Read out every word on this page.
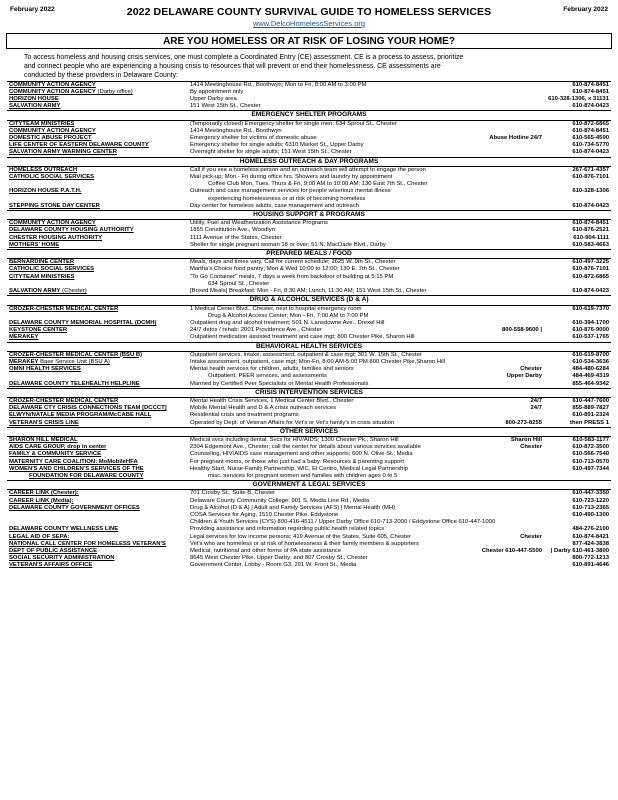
February 2022	2022 DELAWARE COUNTY SURVIVAL GUIDE TO HOMELESS SERVICES
www.DelcoHomelessServices.org
February 2022
ARE YOU HOMELESS OR AT RISK OF LOSING YOUR HOME?
To access homeless and housing crisis services, one must complete a Coordinated Entry (CE) assessment. CE is a process to assess, prioritize
and connect people who are experiencing a housing crisis to resources that will prevent or end their homelessness. CE assessments are
conducted by these providers in Delaware County:
COMMUNITY ACTION AGENCY	1414 Meetinghouse Rd., Boothwyn; Mon to Fri, 8:00 AM to 3:00 PM	610-874-8451
COMMUNITY ACTION AGENCY (Darby office)	By appointment only	610-874-8451
HORIZON HOUSE	Upper Darby area	610-328-1306, x 31131
SALVATION ARMY	151 West 15th St., Chester	610-874-0423
EMERGENCY SHELTER PROGRAMS		
CITYTEAM MINISTRIES	(Temporarily closed) Emergency shelter for single men; 634 Sproul St., Chester	610-872-6865
COMMUNITY ACTION AGENCY	1414 Meetinghouse Rd., Boothwyn	610-874-8451
DOMESTIC ABUSE PROJECT	Emergency shelter for victims of domestic abuse Abuse Hotline 24/7	610-565-4590
LIFE CENTER OF EASTERN DELAWARE COUNTY	Emergency shelter for single adults; 6310 Market St., Upper Darby	610-734-5770
SALVATION ARMY WARMING CENTER	Overnight shelter for single adults; 151 West 15th St., Chester	610-874-0423
HOMELESS OUTREACH & DAY PROGRAMS		
HOMELESS OUTREACH	Call if you see a homeless person and an outreach team will attempt to engage the person	267-671-4357
CATHOLIC SOCIAL SERVICES	Mail pick-up; Mon - Fri during office hrs. Showers and laundry by appointment	610-876-7101

	Coffee Club Mon, Tues, Thurs & Fri, 9:00 AM to 10:00 AM; 130 East 7th St., Chester	

HORIZON HOUSE P.A.T.H.	Outreach and case management services for people w/serious mental illness	610-328-1306

	experiencing homelessness or at risk of becoming homeless	

STEPPING STONE DAY CENTER	Day center for homeless adults, case management and outreach	610-874-0423
HOUSING SUPPORT & PROGRAMS		
COMMUNITY ACTION AGENCY	Utility, Fuel and Weatherization Assistance Programs	610-874-8451
DELAWARE COUNTY HOUSING AUTHORITY	1855 Constitution Ave., Woodlyn	610-876-2521
CHESTER HOUSING AUTHORITY	1111 Avenue of the States, Chester	610-904-1111
MOTHERS' HOME	Shelter for single pregnant woman 18 or over; 51 N. MacDade Blvd., Darby	610-583-4663
PREPARED MEALS / FOOD		
BERNARDINE CENTER	Meals, days and times vary, Call for current schedule; 2625 W. 9th St., Chester	610-497-3225
CATHOLIC SOCIAL SERVICES	Martha's Choice food pantry; Mon & Wed 10:00 to 12:00; 130 E. 7th St., Chester	610-876-7101
CITYTEAM MINISTRIES	"To Go Container" meals, 7 days a week from backdoor of building at 5:15 PM	610-872-6865

	634 Sproul St., Chester	

SALVATION ARMY (Chester)	[Boxed Meals] Breakfast: Mon - Fri, 8:30 AM; Lunch, 11:30 AM; 151 West 15th St., Chester	610-874-0423
DRUG & ALCOHOL SERVICES (D & A)		
CROZER-CHESTER MEDICAL CENTER	1 Medical Center Blvd., Chester, next to hospital emergency room	610-619-7370

	Drug & Alcohol Access Center; Mon - Fri, 7:00 AM to 7:00 PM	

DELAWARE COUNTY MEMORIAL HOSPITAL (DCMH)	Outpatient drug and alcohol treatment; 501 N. Lansdowne Ave., Drexel Hill	610-394-1700
KEYSTONE CENTER	24/7 detox / rehab: 2001 Providence Ave., Chester 800-558-9600 |	610-876-9000
MERAKEY	Outpatient medication assisted treatment and case mgt; 800 Chester Pike, Sharon Hill	610-537-1765
BEHAVIORAL HEALTH SERVICES		
CROZER-CHESTER MEDICAL CENTER (BSU B)	Outpatient services, intake, assessment, outpatient & case mgt; 301 W. 15th St., Chester	610-619-8700
MERAKEY Base Service Unit (BSU A)	Intake assessment, outpatient, case mgt; Mon-Fri, 8:00 AM-5:00 PM 800 Chester Pike,Sharon Hill	610-534-3636
OMNI HEALTH SERVICES	Mental health services for children, adults, families and seniors Chester	484-480-6284

	Outpatient, PEER services, and assessments Upper Darby	484-469-4319
DELAWARE COUNTY TELEHEALTH HELPLINE	Manned by Certified Peer Specialists or Mental Health Professionals	855-464-9342
CRISIS INTERVENTION SERVICES		
CROZER-CHESTER MEDICAL CENTER	Mental Health Crisis Services, 1 Medical Center Blvd., Chester 24/7	610-447-7600
DELAWARE CTY CRISIS CONNECTIONS TEAM [DCCCT]	Mobile Mental Health and D & A crisis outreach services 24/7	855-889-7827
ELWYN/NATALE MEDIA PROGRAM/McCABE HALL	Residential crisis and treatment programs	610-891-2324
VETERAN'S CRISIS LINE	Operated by Dept. of Veteran Affairs for Vet's or Vet's family's in crisis situation 800-273-8255	then PRESS 1
OTHER SERVICES		
SHARON HILL MEDICAL	Medical svcs including dental. Svcs for HIV/AIDS; 1300 Chester Pk., Sharon Hill Sharon Hill	610-583-1177
AIDS CARE GROUP, drop in center	2304 Edgemont Ave., Chester; call the center for details about various services available Chester	610-872-3500
FAMILY & COMMUNITY SERVICE	Counseling, HIV/AIDS case management and other supports; 600 N. Olive St., Media	610-566-7540
MATERNITY CARE COALITION: MoMobileHFA	For pregnant moms, or those who just had a baby. Resources & parenting support	610-713-0570
WOMEN'S AND CHILDREN'S SERVICES OF THE	Healthy Start, Nurse-Family Partnership, WIC, El Centro, Medical Legal Partnership	610-497-7344
FOUNDATION FOR DELAWARE COUNTY	misc. services for pregnant women and families with children ages 0 to 5	

GOVERNMENT & LEGAL SERVICES		
CAREER LINK (Chester):	701 Crosby St., Suite B, Chester	610-447-3350
CAREER LINK (Media):	Delaware County Community College; 901 S. Media Line Rd., Media	610-723-1220
DELAWARE COUNTY GOVERNMENT OFFICES	Drug & Alcohol (D & A) | Adult and Family Services (AFS) | Mental Health (MH)	610-713-2365

	COSA Services for Aging, 1510 Chester Pike, Eddystone	610-490-1300

	Children & Youth Services (CYS) 800-416-4511 / Upper Darby Office 610-713-2000 / Eddystone Office 610-447-1000	

DELAWARE COUNTY WELLNESS LINE	Providing assistance and information regarding public health related topics	484-276-2100
LEGAL AID OF SEPA:	Legal services for low income persons; 419 Avenue of the States, Suite 605, Chester Chester	610-874-8421
NATIONAL CALL CENTER FOR HOMELESS VETERAN'S	Vet's who are homeless or at risk of homelessness & their family members & supporters	877-424-3838
DEPT OF PUBLIC ASSISTANCE	Medical, nutritional and other forms of PA state assistance Chester 610-447-5500	| Darby 610-461-3800
SOCIAL SECURITY ADMINISTRATION	8645 West Chester Pike, Upper Darby; and 807 Crosby St., Chester	800-772-1213
VETERAN'S AFFAIRS OFFICE	Government Center, Lobby - Room G3, 201 W. Front St., Media	610-891-4646
